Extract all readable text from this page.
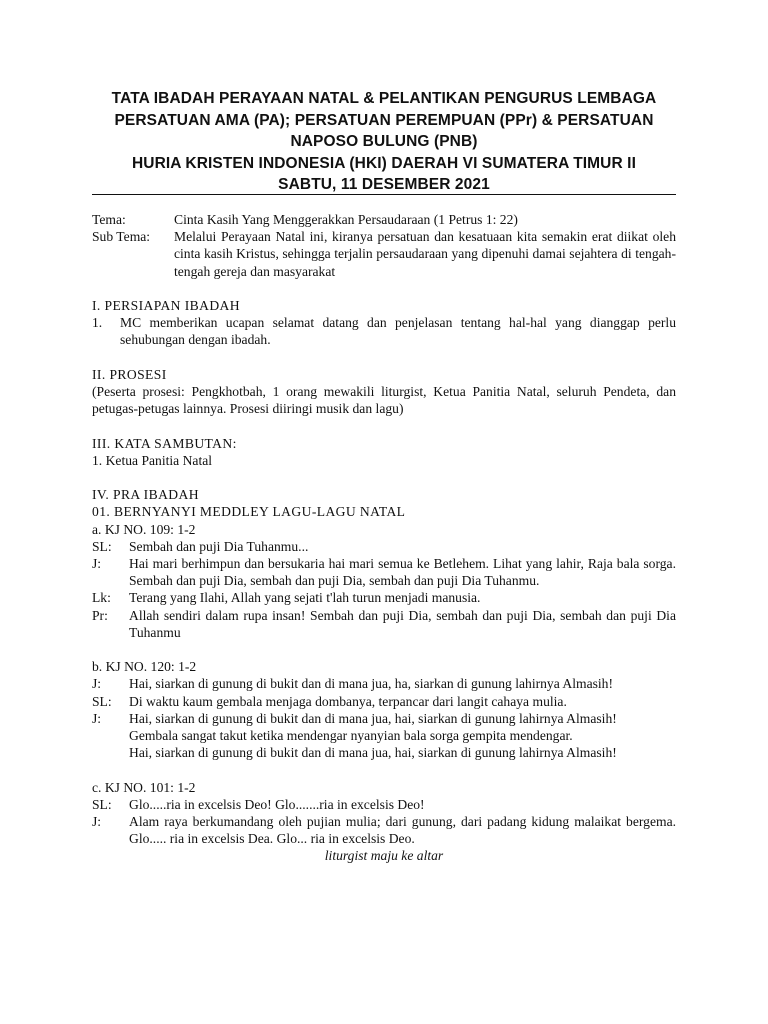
TATA IBADAH PERAYAAN NATAL & PELANTIKAN PENGURUS LEMBAGA
PERSATUAN AMA (PA); PERSATUAN PEREMPUAN (PPr) & PERSATUAN
NAPOSO BULUNG (PNB)
HURIA KRISTEN INDONESIA (HKI) DAERAH VI SUMATERA TIMUR II
SABTU, 11 DESEMBER 2021
Tema:	Cinta Kasih Yang Menggerakkan Persaudaraan (1 Petrus 1: 22)
Sub Tema:	Melalui Perayaan Natal ini, kiranya persatuan dan kesatuaan kita semakin erat diikat oleh cinta kasih Kristus, sehingga terjalin persaudaraan yang dipenuhi damai sejahtera di tengah-tengah gereja dan masyarakat
I. PERSIAPAN IBADAH
1.	MC memberikan ucapan selamat datang dan penjelasan tentang hal-hal yang dianggap perlu sehubungan dengan ibadah.
II. PROSESI
(Peserta prosesi: Pengkhotbah, 1 orang mewakili liturgist, Ketua Panitia Natal, seluruh Pendeta, dan petugas-petugas lainnya. Prosesi diiringi musik dan lagu)
III. KATA SAMBUTAN:
1. Ketua Panitia Natal
IV. PRA IBADAH
01. BERNYANYI MEDDLEY LAGU-LAGU NATAL
a. KJ NO. 109: 1-2
SL:	Sembah dan puji Dia Tuhanmu...
J:	Hai mari berhimpun dan bersukaria hai mari semua ke Betlehem. Lihat yang lahir, Raja bala sorga. Sembah dan puji Dia, sembah dan puji Dia, sembah dan puji Dia Tuhanmu.
Lk:	Terang yang Ilahi, Allah yang sejati t'lah turun menjadi manusia.
Pr:	Allah sendiri dalam rupa insan! Sembah dan puji Dia, sembah dan puji Dia, sembah dan puji Dia Tuhanmu
b. KJ NO. 120: 1-2
J:	Hai, siarkan di gunung di bukit dan di mana jua, ha, siarkan di gunung lahirnya Almasih!
SL:	Di waktu kaum gembala menjaga dombanya, terpancar dari langit cahaya mulia.
J:	Hai, siarkan di gunung di bukit dan di mana jua, hai, siarkan di gunung lahirnya Almasih!
Gembala sangat takut ketika mendengar nyanyian bala sorga gempita mendengar.
Hai, siarkan di gunung di bukit dan di mana jua, hai, siarkan di gunung lahirnya Almasih!
c. KJ NO. 101: 1-2
SL:	Glo.....ria in excelsis Deo! Glo.......ria in excelsis Deo!
J:	Alam raya berkumandang oleh pujian mulia; dari gunung, dari padang kidung malaikat bergema. Glo..... ria in excelsis Dea. Glo... ria in excelsis Deo.
liturgist maju ke altar
